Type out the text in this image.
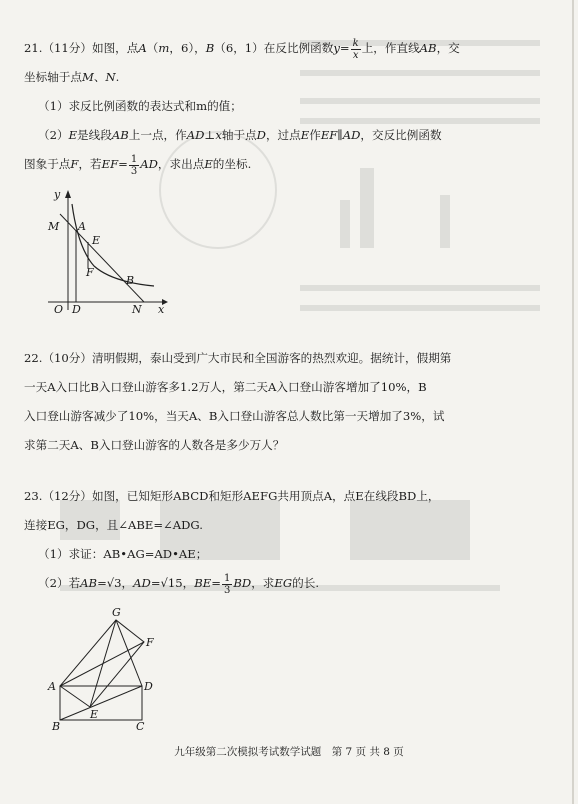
21.（11分）如图，点A（m，6），B（6，1）在反比例函数$y= \frac{k}{x}$ 上，作直线AB，交
坐标轴于点M、N.
（1）求反比例函数的表达式和m的值；
（2）E是线段AB上一点，作AD⊥x轴于点D，过点E作EF∥AD，交反比例函数
图象于点F，若$EF= \frac{1}{3}$ AD，求出点E的坐标.
y
M A
E
F
B
O D	N x
22.（10分）清明假期，泰山受到广大市民和全国游客的热烈欢迎。据统计，假期第
一天A入口比B入口登山游客多1.2万人，第二天A入口登山游客增加了10%，B
入口登山游客减少了10%，当天A、B入口登山游客总人数比第一天增加了3%，试
求第二天A、B入口登山游客的人数各是多少万人？
23.（12分）如图，已知矩形ABCD和矩形AEFG共用顶点A，点E在线段BD上，
连接EG，DG，且∠ABE=∠ADG.
（1）求证：AB•AG=AD•AE；
（2）若AB=√3，AD=√15，$BE= \frac{1}{3}$ BD，求EG的长.
G
F
A	D
E
B	C
九年级第二次模拟考试数学试题　第 7 页 共 8 页
